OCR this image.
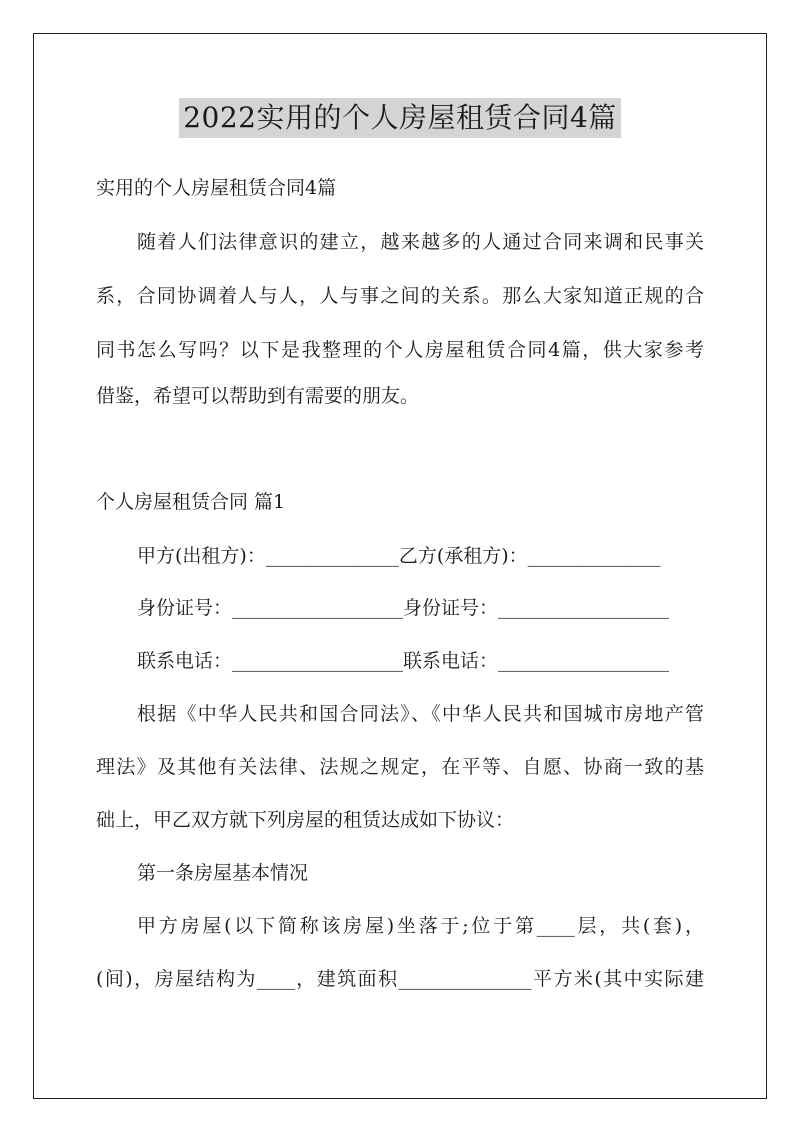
2022实用的个人房屋租赁合同4篇
实用的个人房屋租赁合同4篇
随着人们法律意识的建立，越来越多的人通过合同来调和民事关
系，合同协调着人与人，人与事之间的关系。那么大家知道正规的合
同书怎么写吗？以下是我整理的个人房屋租赁合同4篇，供大家参考
借鉴，希望可以帮助到有需要的朋友。
个人房屋租赁合同 篇1
甲方(出租方)：______________乙方(承租方)：______________
身份证号：__________________身份证号：__________________
联系电话：__________________联系电话：__________________
根据《中华人民共和国合同法》、《中华人民共和国城市房地产管
理法》及其他有关法律、法规之规定，在平等、自愿、协商一致的基
础上，甲乙双方就下列房屋的租赁达成如下协议：
第一条房屋基本情况
甲方房屋(以下简称该房屋)坐落于;位于第____层，共(套)，
(间)，房屋结构为____，建筑面积______________平方米(其中实际建
